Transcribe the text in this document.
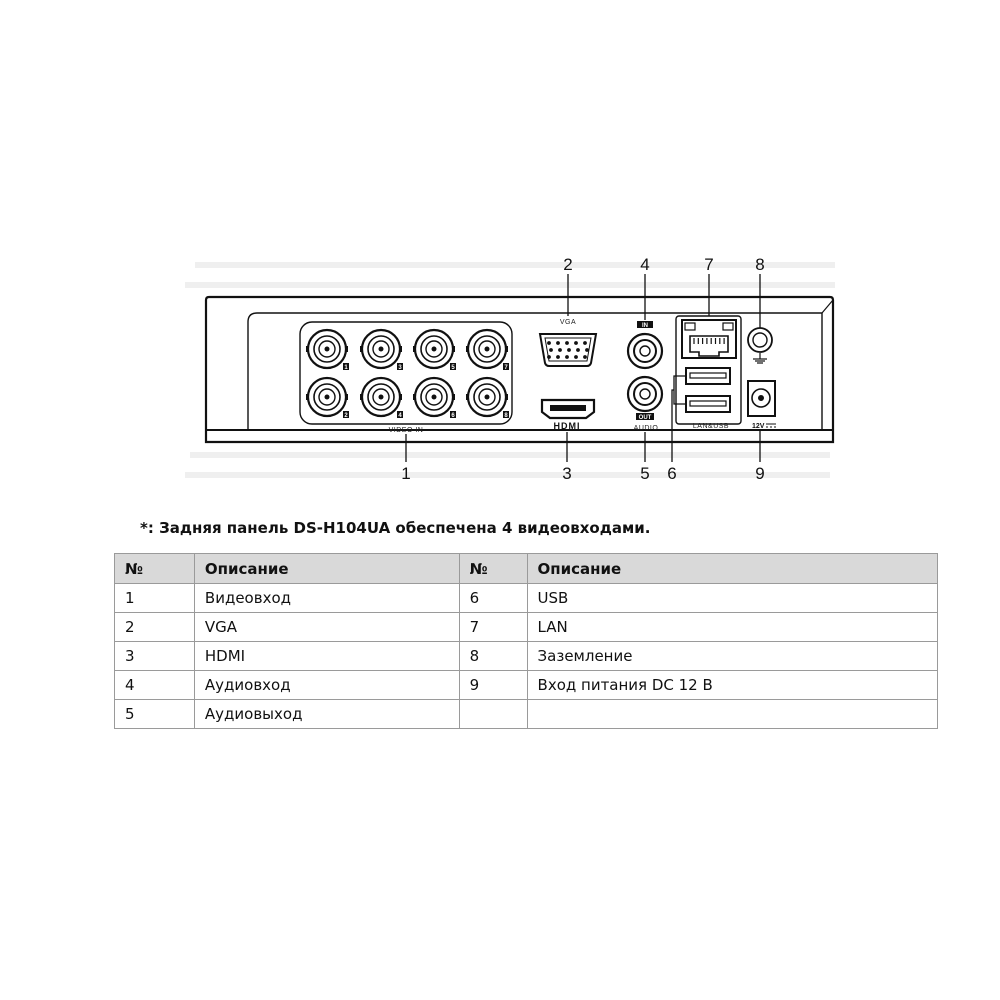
1
2
3
4
5
6
7
8
VIDEO IN
VGA
HDMI
IN
OUT
AUDIO	LAN&USB	12V
2	4	7 8
1	3	5 6	9
*: Задняя панель DS-H104UA обеспечена 4 видеовходами.
№	Описание	№	Описание
1	Видеовход	6	USB
2	VGA	7	LAN
3	HDMI	8	Заземление
4	Аудиовход	9	Вход питания DC 12 В
5	Аудиовыход		
